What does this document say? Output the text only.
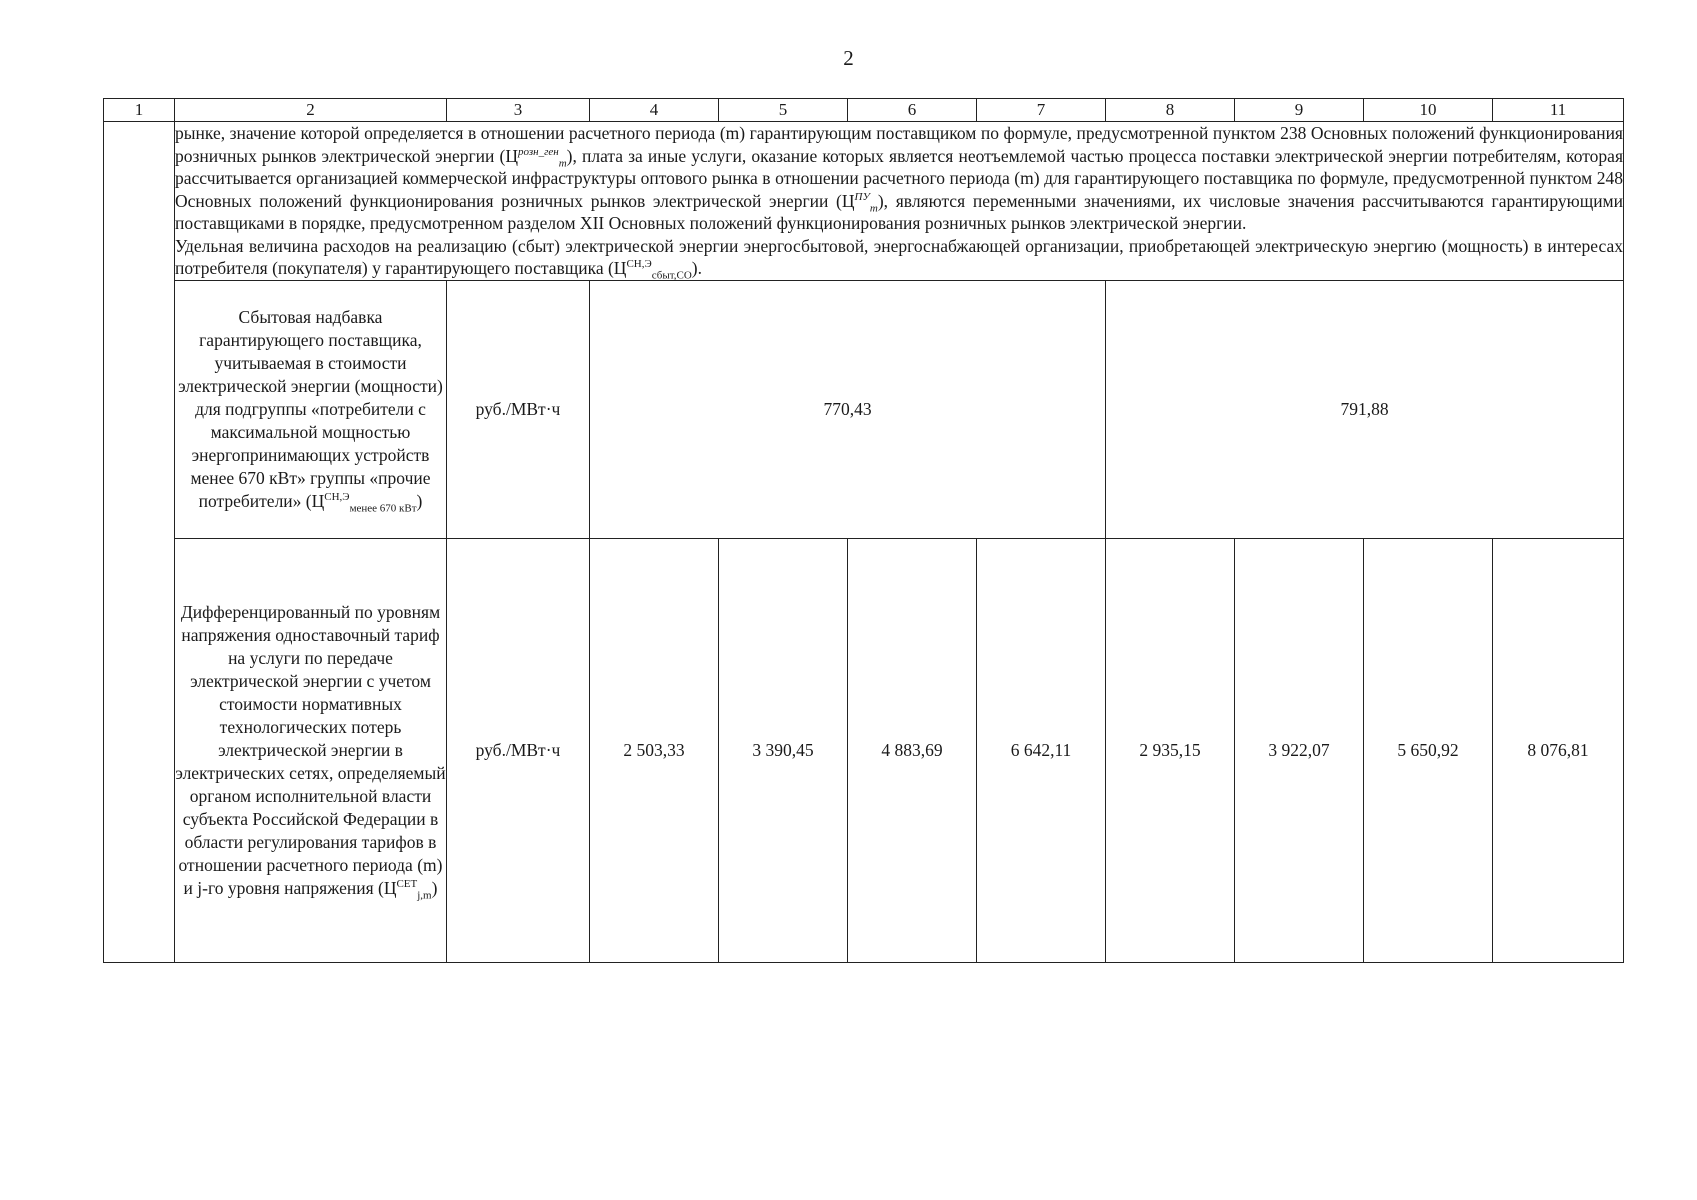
2
1	2	3	4	5	6	7	8	9	10	11

	рынке, значение которой определяется в отношении расчетного периода (m) гарантирующим поставщиком по формуле, предусмотренной пунктом 238 Основных положений функционирования розничных рынков электрической энергии $(Ц^{розн\_ген}_m)$, плата за иные услуги, оказание которых является неотъемлемой частью процесса поставки электрической энергии потребителям, которая рассчитывается организацией коммерческой инфраструктуры оптового рынка в отношении расчетного периода (m) для гарантирующего поставщика по формуле, предусмотренной пунктом 248 Основных положений функционирования розничных рынков электрической энергии $(Ц^{ПУ}_m)$, являются переменными значениями, их числовые значения рассчитываются гарантирующими поставщиками в порядке, предусмотренном разделом XII Основных положений функционирования розничных рынков электрической энергии.

Удельная величина расходов на реализацию (сбыт) электрической энергии энергосбытовой, энергоснабжающей организации, приобретающей электрическую энергию (мощность) в интересах потребителя (покупателя) у гарантирующего поставщика $(Ц^{СН,Э}_{сбыт,СО})$.									

	Сбытовая надбавка гарантирующего поставщика, учитываемая в стоимости электрической энергии (мощности) для подгруппы «потребители с максимальной мощностью энергопринимающих устройств менее 670 кВт» группы «прочие потребители» $(Ц^{СН,Э}_{менее 670 кВт})$	руб./МВт·ч	770,43				791,88			
	Дифференцированный по уровням напряжения одноставочный тариф на услуги по передаче электрической энергии с учетом стоимости нормативных технологических потерь электрической энергии в электрических сетях, определяемый органом исполнительной власти субъекта Российской Федерации в области регулирования тарифов в отношении расчетного периода (m) и j-го уровня напряжения $(Ц^{СЕТ}_{j,m})$	руб./МВт·ч	2 503,33	3 390,45	4 883,69	6 642,11	2 935,15	3 922,07	5 650,92	8 076,81
